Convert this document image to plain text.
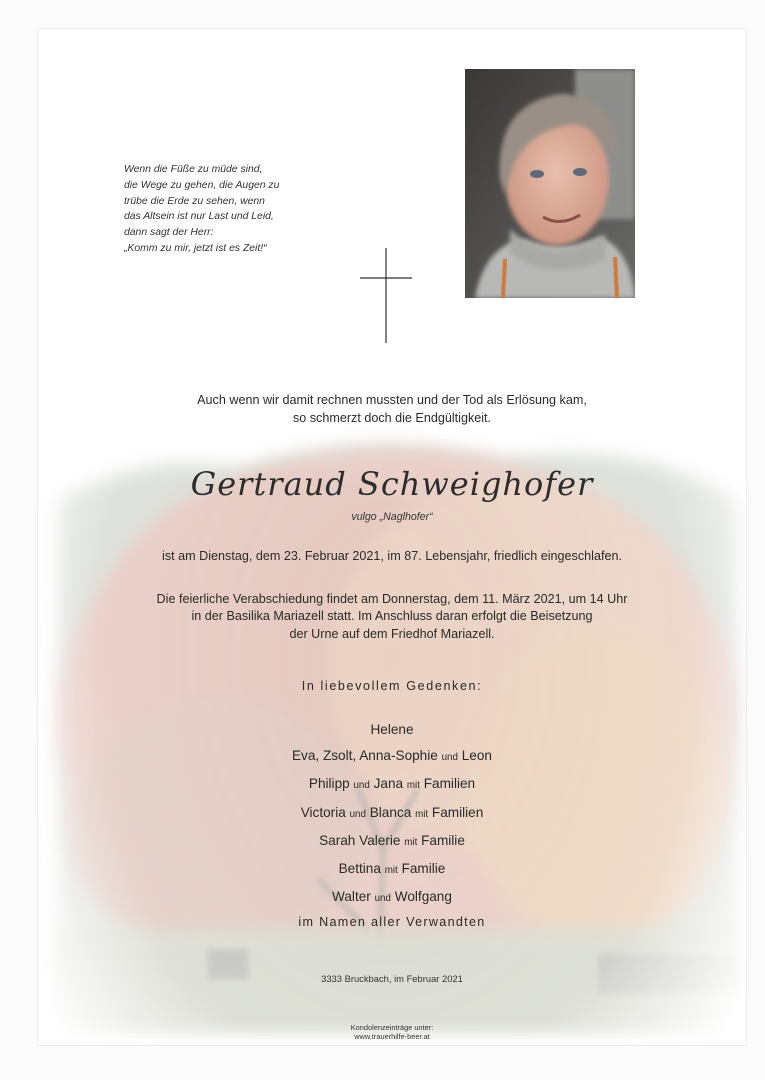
Wenn die Füße zu müde sind,
die Wege zu gehen, die Augen zu
trübe die Erde zu sehen, wenn
das Altsein ist nur Last und Leid,
dann sagt der Herr:
„Komm zu mir, jetzt ist es Zeit!“
Auch wenn wir damit rechnen mussten und der Tod als Erlösung kam,
so schmerzt doch die Endgültigkeit.
Gertraud Schweighofer
vulgo „Naglhofer“
ist am Dienstag, dem 23. Februar 2021, im 87. Lebensjahr, friedlich eingeschlafen.
Die feierliche Verabschiedung findet am Donnerstag, dem 11. März 2021, um 14 Uhr
in der Basilika Mariazell statt. Im Anschluss daran erfolgt die Beisetzung
der Urne auf dem Friedhof Mariazell.
In liebevollem Gedenken:
Helene
Eva, Zsolt, Anna-Sophie und Leon
Philipp und Jana mit Familien
Victoria und Blanca mit Familien
Sarah Valerie mit Familie
Bettina mit Familie
Walter und Wolfgang
im Namen aller Verwandten
3333 Bruckbach, im Februar 2021
Kondolenzeinträge unter:
www.trauerhilfe-beer.at
